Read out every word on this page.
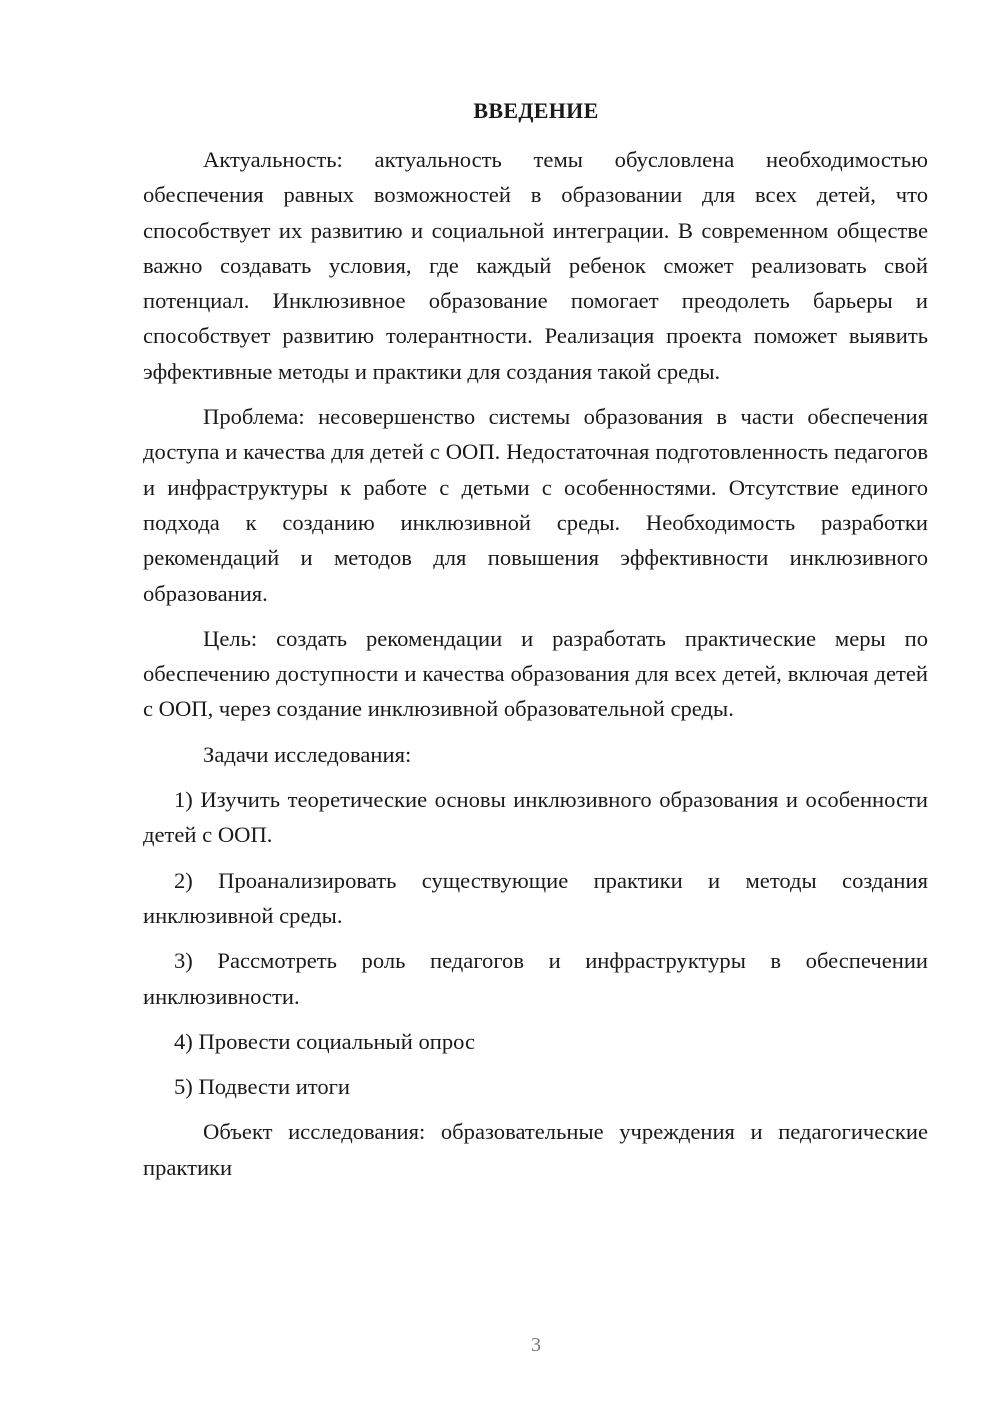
ВВЕДЕНИЕ

Актуальность: актуальность темы обусловлена необходимостью обеспечения равных возможностей в образовании для всех детей, что способствует их развитию и социальной интеграции. В современном обществе важно создавать условия, где каждый ребенок сможет реализовать свой потенциал. Инклюзивное образование помогает преодолеть барьеры и способствует развитию толерантности. Реализация проекта поможет выявить эффективные методы и практики для создания такой среды.

Проблема: несовершенство системы образования в части обеспечения доступа и качества для детей с ООП. Недостаточная подготовленность педагогов и инфраструктуры к работе с детьми с особенностями. Отсутствие единого подхода к созданию инклюзивной среды. Необходимость разработки рекомендаций и методов для повышения эффективности инклюзивного образования.

Цель: создать рекомендации и разработать практические меры по обеспечению доступности и качества образования для всех детей, включая детей с ООП, через создание инклюзивной образовательной среды.

Задачи исследования:

1) Изучить теоретические основы инклюзивного образования и особенности детей с ООП.

2) Проанализировать существующие практики и методы создания инклюзивной среды.

3) Рассмотреть роль педагогов и инфраструктуры в обеспечении инклюзивности.

4) Провести социальный опрос

5) Подвести итоги

Объект исследования: образовательные учреждения и педагогические практики

3
